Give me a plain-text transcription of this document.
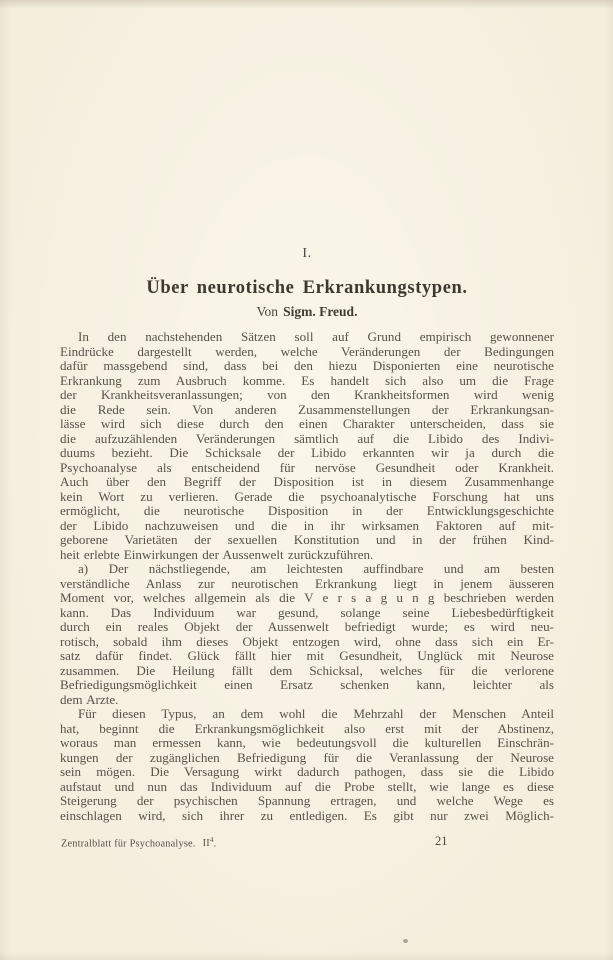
I.
Über neurotische Erkrankungstypen.
Von Sigm. Freud.
In den nachstehenden Sätzen soll auf Grund empirisch gewonnener
Eindrücke dargestellt werden, welche Veränderungen der Bedingungen
dafür massgebend sind, dass bei den hiezu Disponierten eine neurotische
Erkrankung zum Ausbruch komme. Es handelt sich also um die Frage
der Krankheitsveranlassungen; von den Krankheitsformen wird wenig
die Rede sein. Von anderen Zusammenstellungen der Erkrankungsan-
lässe wird sich diese durch den einen Charakter unterscheiden, dass sie
die aufzuzählenden Veränderungen sämtlich auf die Libido des Indivi-
duums bezieht. Die Schicksale der Libido erkannten wir ja durch die
Psychoanalyse als entscheidend für nervöse Gesundheit oder Krankheit.
Auch über den Begriff der Disposition ist in diesem Zusammenhange
kein Wort zu verlieren. Gerade die psychoanalytische Forschung hat uns
ermöglicht, die neurotische Disposition in der Entwicklungsgeschichte
der Libido nachzuweisen und die in ihr wirksamen Faktoren auf mit-
geborene Varietäten der sexuellen Konstitution und in der frühen Kind-
heit erlebte Einwirkungen der Aussenwelt zurückzuführen.
a) Der nächstliegende, am leichtesten auffindbare und am besten
verständliche Anlass zur neurotischen Erkrankung liegt in jenem äusseren
Moment vor, welches allgemein als die V e r s a g u n g beschrieben werden
kann. Das Individuum war gesund, solange seine Liebesbedürftigkeit
durch ein reales Objekt der Aussenwelt befriedigt wurde; es wird neu-
rotisch, sobald ihm dieses Objekt entzogen wird, ohne dass sich ein Er-
satz dafür findet. Glück fällt hier mit Gesundheit, Unglück mit Neurose
zusammen. Die Heilung fällt dem Schicksal, welches für die verlorene
Befriedigungsmöglichkeit einen Ersatz schenken kann, leichter als
dem Arzte.
Für diesen Typus, an dem wohl die Mehrzahl der Menschen Anteil
hat, beginnt die Erkrankungsmöglichkeit also erst mit der Abstinenz,
woraus man ermessen kann, wie bedeutungsvoll die kulturellen Einschrän-
kungen der zugänglichen Befriedigung für die Veranlassung der Neurose
sein mögen. Die Versagung wirkt dadurch pathogen, dass sie die Libido
aufstaut und nun das Individuum auf die Probe stellt, wie lange es diese
Steigerung der psychischen Spannung ertragen, und welche Wege es
einschlagen wird, sich ihrer zu entledigen. Es gibt nur zwei Möglich-
Zentralblatt für Psychoanalyse. $II^4$.	21
